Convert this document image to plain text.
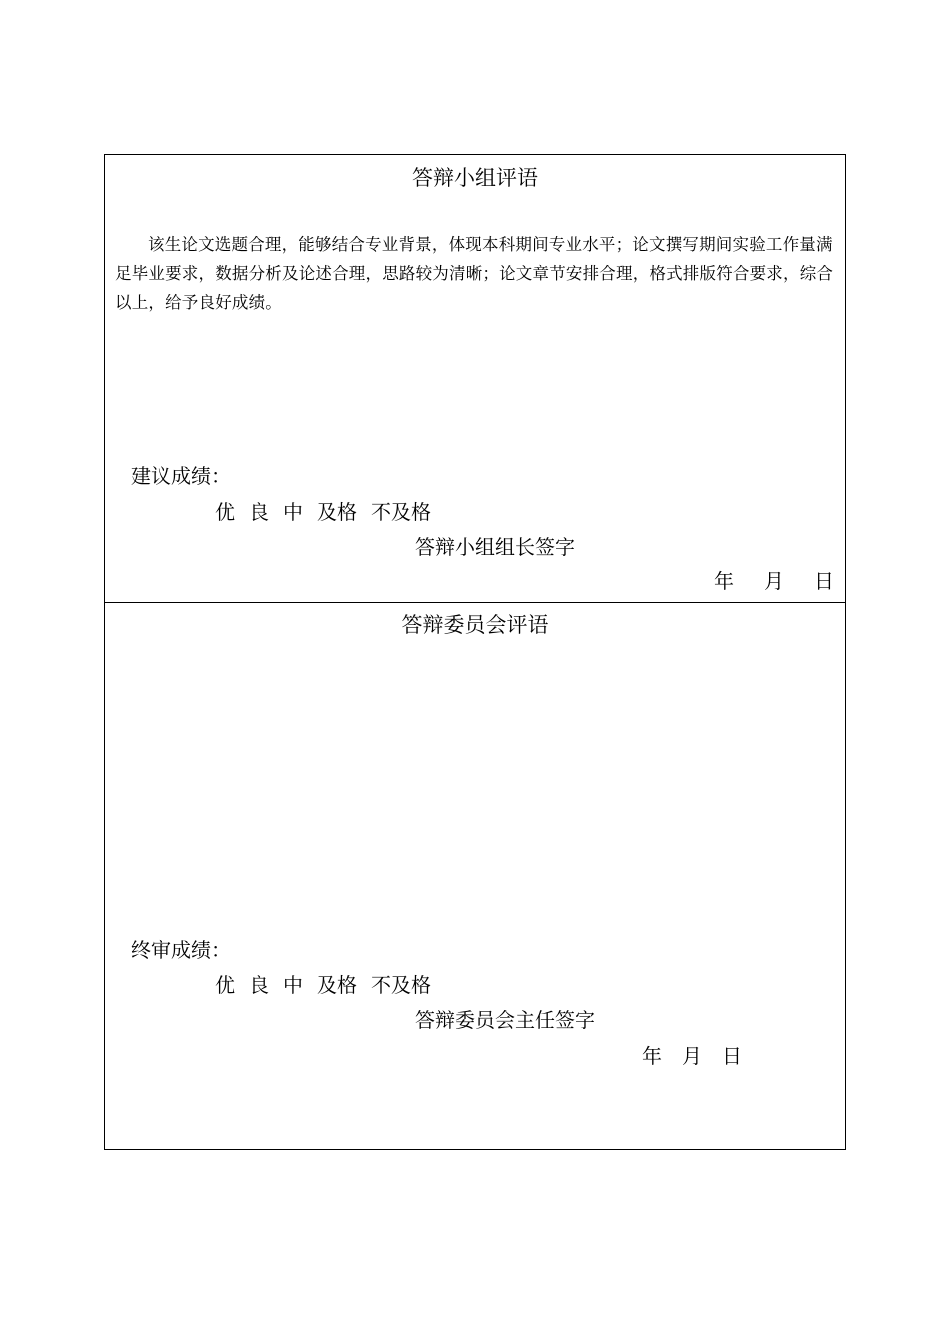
答辩小组评语
该生论文选题合理，能够结合专业背景，体现本科期间专业水平；论文撰写期间实验工作量满足毕业要求，数据分析及论述合理，思路较为清晰；论文章节安排合理，格式排版符合要求，综合以上，给予良好成绩。
建议成绩：
优 良 中 及格 不及格
答辩小组组长签字
年 月 日
答辩委员会评语
终审成绩：
优 良 中 及格 不及格
答辩委员会主任签字
年 月 日
